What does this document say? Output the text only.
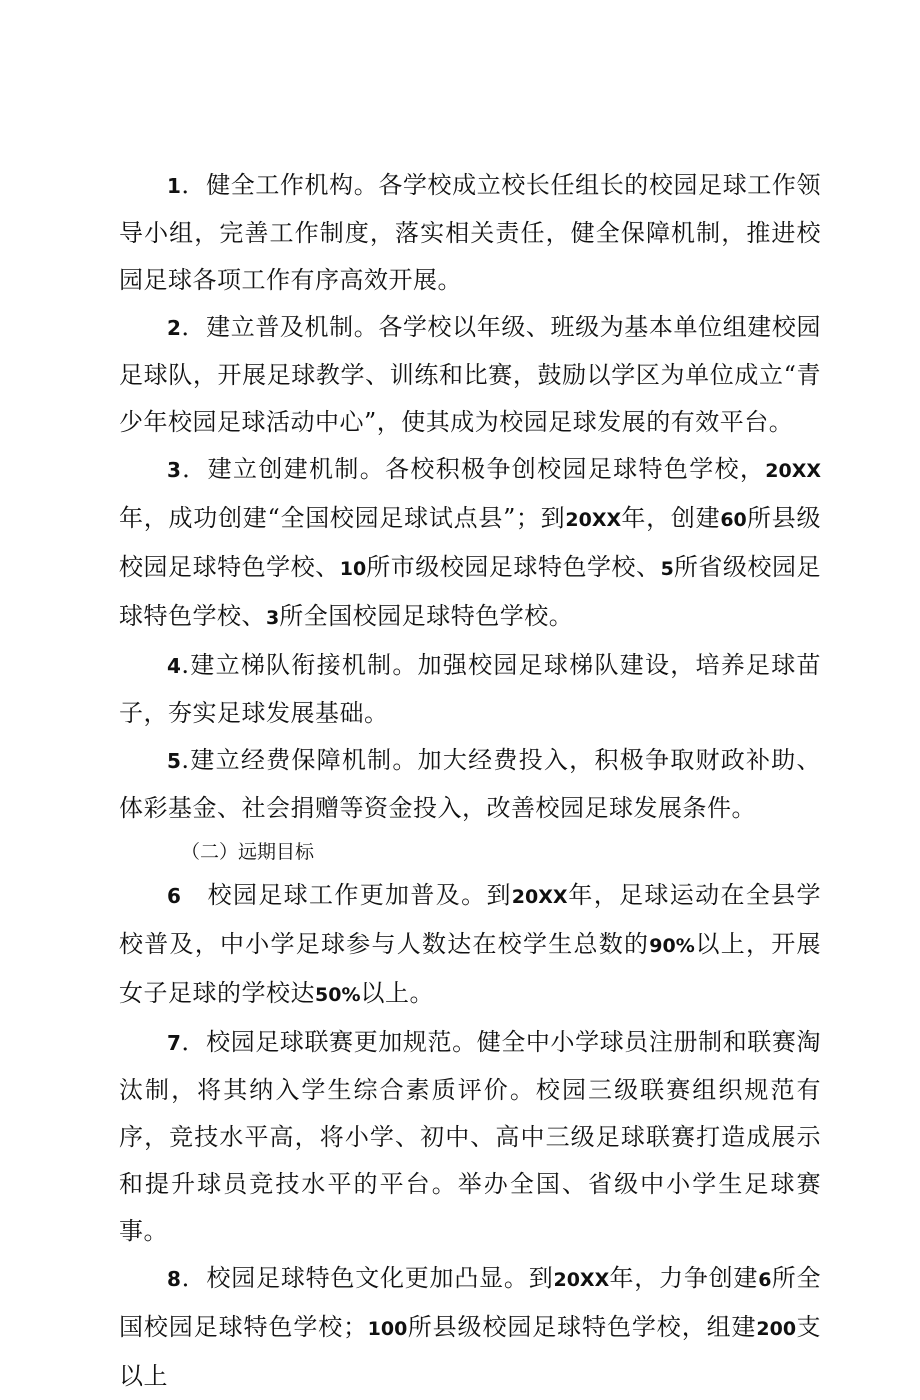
1．健全工作机构。各学校成立校长任组长的校园足球工作领导小组，完善工作制度，落实相关责任，健全保障机制，推进校园足球各项工作有序高效开展。

2．建立普及机制。各学校以年级、班级为基本单位组建校园足球队，开展足球教学、训练和比赛，鼓励以学区为单位成立“青少年校园足球活动中心”，使其成为校园足球发展的有效平台。

3．建立创建机制。各校积极争创校园足球特色学校，20XX年，成功创建“全国校园足球试点县”；到20XX年，创建60所县级校园足球特色学校、10所市级校园足球特色学校、5所省级校园足球特色学校、3所全国校园足球特色学校。

4.建立梯队衔接机制。加强校园足球梯队建设，培养足球苗子，夯实足球发展基础。

5.建立经费保障机制。加大经费投入，积极争取财政补助、体彩基金、社会捐赠等资金投入，改善校园足球发展条件。

（二）远期目标

6　 校园足球工作更加普及。到20XX年，足球运动在全县学校普及，中小学足球参与人数达在校学生总数的90%以上，开展女子足球的学校达50%以上。

7．校园足球联赛更加规范。健全中小学球员注册制和联赛淘汰制，将其纳入学生综合素质评价。校园三级联赛组织规范有序，竞技水平高，将小学、初中、高中三级足球联赛打造成展示和提升球员竞技水平的平台。举办全国、省级中小学生足球赛事。

8．校园足球特色文化更加凸显。到20XX年，力争创建6所全国校园足球特色学校；100所县级校园足球特色学校，组建200支以上
